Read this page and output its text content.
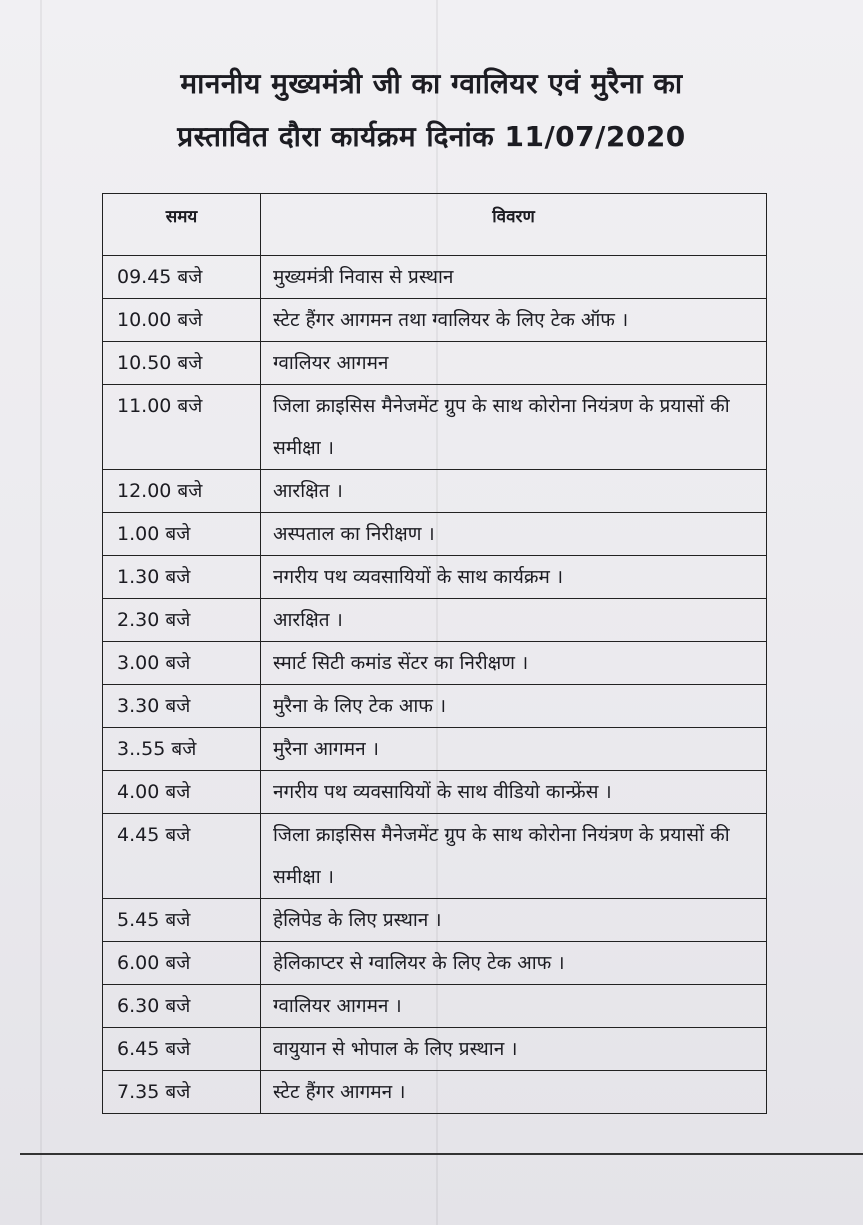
माननीय मुख्यमंत्री जी का ग्वालियर एवं मुरैना का
प्रस्तावित दौरा कार्यक्रम दिनांक 11/07/2020
समय	विवरण
09.45 बजे	मुख्यमंत्री निवास से प्रस्थान
10.00 बजे	स्टेट हैंगर आगमन तथा ग्वालियर के लिए टेक ऑफ ।
10.50 बजे	ग्वालियर आगमन
11.00 बजे	जिला क्राइसिस मैनेजमेंट ग्रुप के साथ कोरोना नियंत्रण के प्रयासों की समीक्षा ।
12.00 बजे	आरक्षित ।
1.00 बजे	अस्पताल का निरीक्षण ।
1.30 बजे	नगरीय पथ व्यवसायियों के साथ कार्यक्रम ।
2.30 बजे	आरक्षित ।
3.00 बजे	स्मार्ट सिटी कमांड सेंटर का निरीक्षण ।
3.30 बजे	मुरैना के लिए टेक आफ ।
3..55 बजे	मुरैना आगमन ।
4.00 बजे	नगरीय पथ व्यवसायियों के साथ वीडियो कान्फ्रेंस ।
4.45 बजे	जिला क्राइसिस मैनेजमेंट ग्रुप के साथ कोरोना नियंत्रण के प्रयासों की समीक्षा ।
5.45 बजे	हेलिपेड के लिए प्रस्थान ।
6.00 बजे	हेलिकाप्टर से ग्वालियर के लिए टेक आफ ।
6.30 बजे	ग्वालियर आगमन ।
6.45 बजे	वायुयान से भोपाल के लिए प्रस्थान ।
7.35 बजे	स्टेट हैंगर आगमन ।
